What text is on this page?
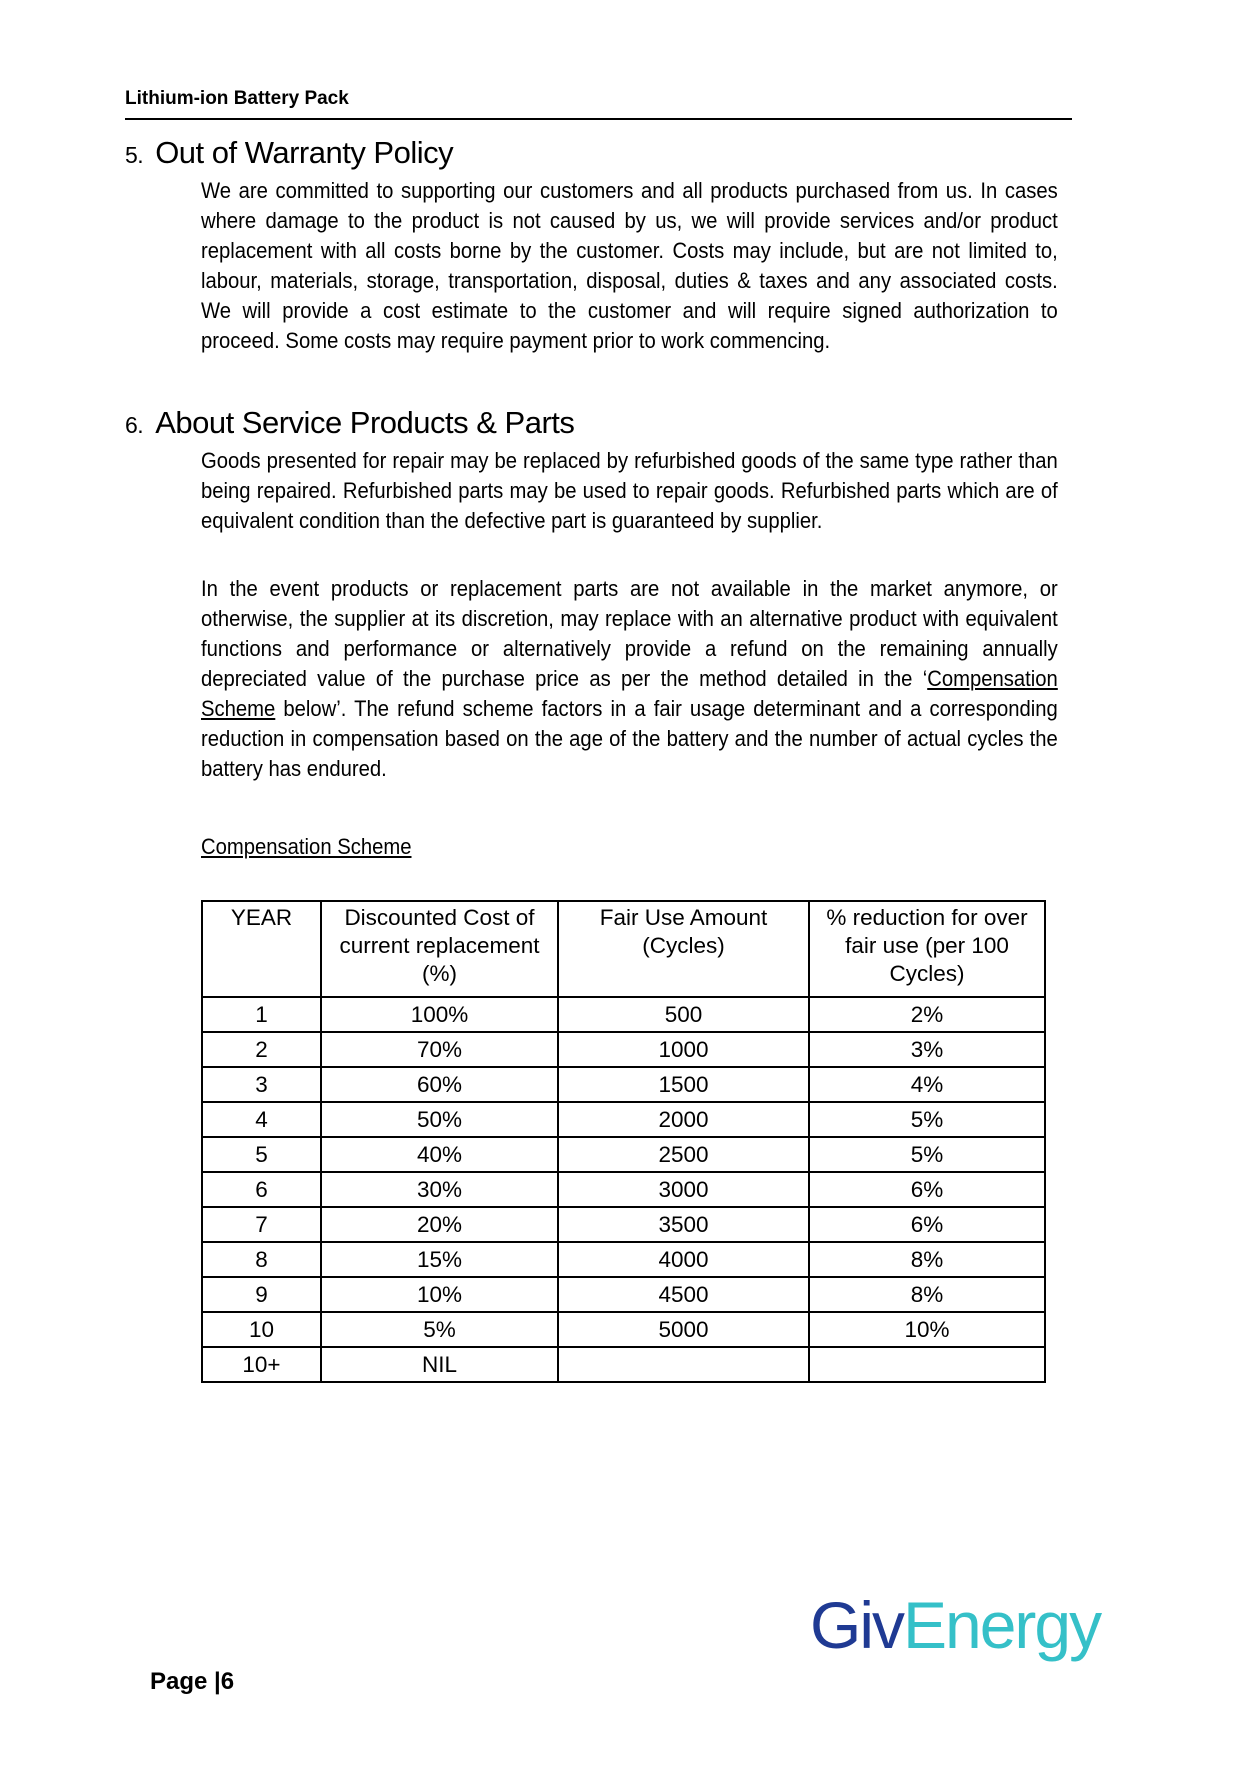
Lithium-ion Battery Pack
5. Out of Warranty Policy

We are committed to supporting our customers and all products purchased from us. In cases where damage to the product is not caused by us, we will provide services and/or product replacement with all costs borne by the customer. Costs may include, but are not limited to, labour, materials, storage, transportation, disposal, duties & taxes and any associated costs. We will provide a cost estimate to the customer and will require signed authorization to proceed. Some costs may require payment prior to work commencing.

6. About Service Products & Parts

Goods presented for repair may be replaced by refurbished goods of the same type rather than being repaired. Refurbished parts may be used to repair goods. Refurbished parts which are of equivalent condition than the defective part is guaranteed by supplier.

In the event products or replacement parts are not available in the market anymore, or otherwise, the supplier at its discretion, may replace with an alternative product with equivalent functions and performance or alternatively provide a refund on the remaining annually depreciated value of the purchase price as per the method detailed in the ‘Compensation Scheme below’. The refund scheme factors in a fair usage determinant and a corresponding reduction in compensation based on the age of the battery and the number of actual cycles the battery has endured.

Compensation Scheme
YEAR	Discounted Cost of current replacement (%)	Fair Use Amount (Cycles)	% reduction for over fair use (per 100 Cycles)
1	100%	500	2%
2	70%	1000	3%
3	60%	1500	4%
4	50%	2000	5%
5	40%	2500	5%
6	30%	3000	6%
7	20%	3500	6%
8	15%	4000	8%
9	10%	4500	8%
10	5%	5000	10%
10+	NIL		
GivEnergy
Page |6
